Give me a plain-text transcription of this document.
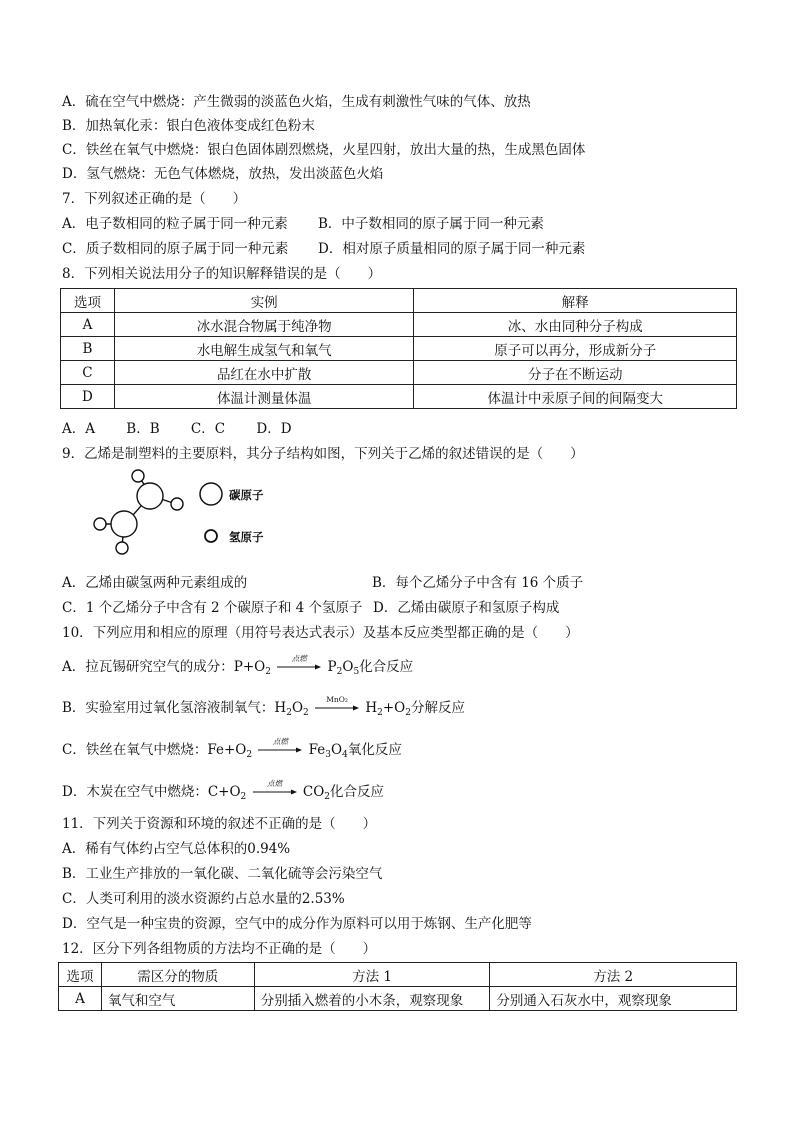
A．硫在空气中燃烧：产生微弱的淡蓝色火焰，生成有刺激性气味的气体、放热
B．加热氧化汞：银白色液体变成红色粉末
C．铁丝在氧气中燃烧：银白色固体剧烈燃烧，火星四射，放出大量的热，生成黑色固体
D．氢气燃烧：无色气体燃烧，放热，发出淡蓝色火焰
7．下列叙述正确的是（　　）
A．电子数相同的粒子属于同一种元素 B．中子数相同的原子属于同一种元素
C．质子数相同的原子属于同一种元素 D．相对原子质量相同的原子属于同一种元素
8．下列相关说法用分子的知识解释错误的是（　　）
选项	实例	解释
A	冰水混合物属于纯净物	冰、水由同种分子构成
B	水电解生成氢气和氧气	原子可以再分，形成新分子
C	品红在水中扩散	分子在不断运动
D	体温计测量体温	体温计中汞原子间的间隔变大
A．A　　 B．B　　 C．C　　 D．D
9．乙烯是制塑料的主要原料，其分子结构如图，下列关于乙烯的叙述错误的是（　　）
碳原子
氢原子
A．乙烯由碳氢两种元素组成的	B．每个乙烯分子中含有 16 个质子
C．1 个乙烯分子中含有 2 个碳原子和 4 个氢原子 D．乙烯由碳原子和氢原子构成
10．下列应用和相应的原理（用符号表达式表示）及基本反应类型都正确的是（　　）
A．拉瓦锡研究空气的成分：$P+O_2$
点燃
$P_2O_5$化合反应
B．实验室用过氧化氢溶液制氧气：$H_2O_2$
MnO₂
$H_2+O_2$分解反应
C．铁丝在氧气中燃烧：$Fe+O_2$
点燃
$Fe_3O_4$氧化反应
D．木炭在空气中燃烧：$C+O_2$
点燃
$CO_2$化合反应
11．下列关于资源和环境的叙述不正确的是（　　）
A．稀有气体约占空气总体积的0.94%
B．工业生产排放的一氧化碳、二氧化硫等会污染空气
C．人类可利用的淡水资源约占总水量的2.53%
D．空气是一种宝贵的资源，空气中的成分作为原料可以用于炼钢、生产化肥等
12．区分下列各组物质的方法均不正确的是（　　）
选项	需区分的物质	方法 1	方法 2
A	氧气和空气	分别插入燃着的小木条，观察现象	分别通入石灰水中，观察现象
